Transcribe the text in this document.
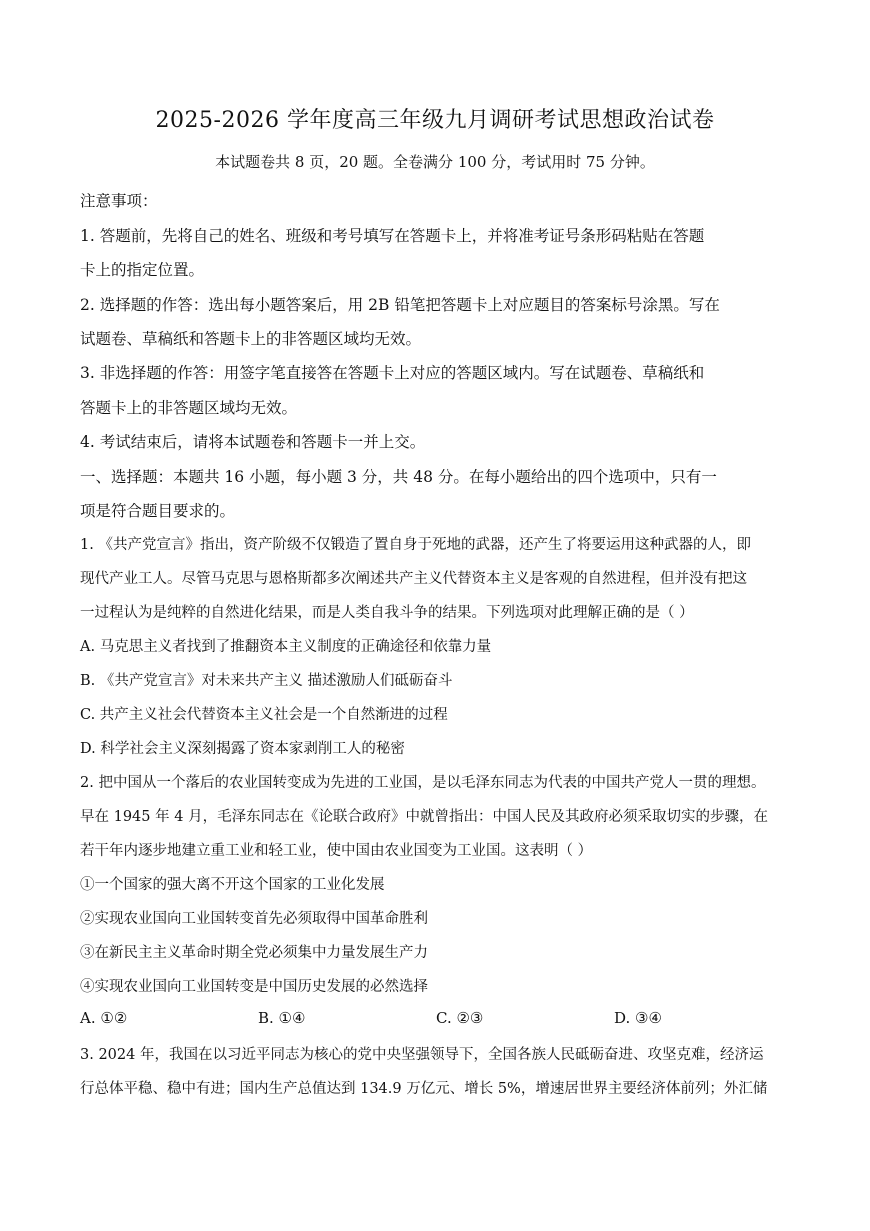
2025-2026 学年度高三年级九月调研考试思想政治试卷
本试题卷共 8 页，20 题。全卷满分 100 分，考试用时 75 分钟。
注意事项：
1. 答题前，先将自己的姓名、班级和考号填写在答题卡上，并将准考证号条形码粘贴在答题
卡上的指定位置。
2. 选择题的作答：选出每小题答案后，用 2B 铅笔把答题卡上对应题目的答案标号涂黑。写在
试题卷、草稿纸和答题卡上的非答题区域均无效。
3. 非选择题的作答：用签字笔直接答在答题卡上对应的答题区域内。写在试题卷、草稿纸和
答题卡上的非答题区域均无效。
4. 考试结束后，请将本试题卷和答题卡一并上交。
一、选择题：本题共 16 小题，每小题 3 分，共 48 分。在每小题给出的四个选项中，只有一
项是符合题目要求的。
1. 《共产党宣言》指出，资产阶级不仅锻造了置自身于死地的武器，还产生了将要运用这种武器的人，即
现代产业工人。尽管马克思与恩格斯都多次阐述共产主义代替资本主义是客观的自然进程，但并没有把这
一过程认为是纯粹的自然进化结果，而是人类自我斗争的结果。下列选项对此理解正确的是（ ）
A. 马克思主义者找到了推翻资本主义制度的正确途径和依靠力量
B. 《共产党宣言》对未来共产主义 描述激励人们砥砺奋斗
C. 共产主义社会代替资本主义社会是一个自然渐进的过程
D. 科学社会主义深刻揭露了资本家剥削工人的秘密
2. 把中国从一个落后的农业国转变成为先进的工业国，是以毛泽东同志为代表的中国共产党人一贯的理想。
早在 1945 年 4 月，毛泽东同志在《论联合政府》中就曾指出：中国人民及其政府必须采取切实的步骤，在
若干年内逐步地建立重工业和轻工业，使中国由农业国变为工业国。这表明（ ）
①一个国家的强大离不开这个国家的工业化发展
②实现农业国向工业国转变首先必须取得中国革命胜利
③在新民主主义革命时期全党必须集中力量发展生产力
④实现农业国向工业国转变是中国历史发展的必然选择
A. ①②	B. ①④	C. ②③	D. ③④
3. 2024 年，我国在以习近平同志为核心的党中央坚强领导下，全国各族人民砥砺奋进、攻坚克难，经济运
行总体平稳、稳中有进；国内生产总值达到 134.9 万亿元、增长 5%，增速居世界主要经济体前列；外汇储
